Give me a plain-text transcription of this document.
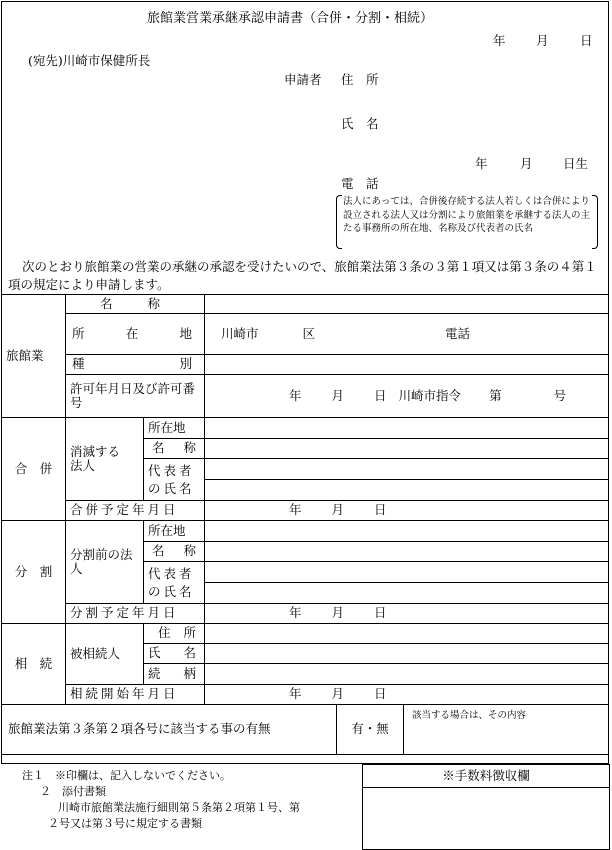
旅館業営業承継承認申請書（合併・分割・相続）
年 月	日
(宛先)川崎市保健所長
申請者 住　所
氏　名
年	月 日生
電　話
法人にあっては、合併後存続する法人若しくは合併により設立される法人又は分割により旅館業を承継する法人の主たる事務所の所在地、名称及び代表者の氏名
次のとおり旅館業の営業の承継の承認を受けたいので、旅館業法第３条の３第１項又は第３条の４第１項の規定により申請します。
旅館業	名 称		

	所 在 地		川崎市 区 電話

	種 別		

	許可年月日及び許可番号		年 月 日 川崎市指令 第 号
合　併	消滅する法人	所在地	

		名 称	

		代表者の氏名	

	合併予定年月日		年 月 日
分　割	分割前の法人	所在地	

		名 称	

		代表者の氏名	

	分割予定年月日		年 月 日
相　続	被相続人	住 所	

		氏 名	

		続 柄	

	相続開始年月日		年 月 日

旅館業法第３条第２項各号に該当する事の有無 有・無
該当する場合は、その内容			
注１　※印欄は、記入しないでください。
２　添付書類
川崎市旅館業法施行細則第５条第２項第１号、第
２号又は第３号に規定する書類
※手数料徴収欄
